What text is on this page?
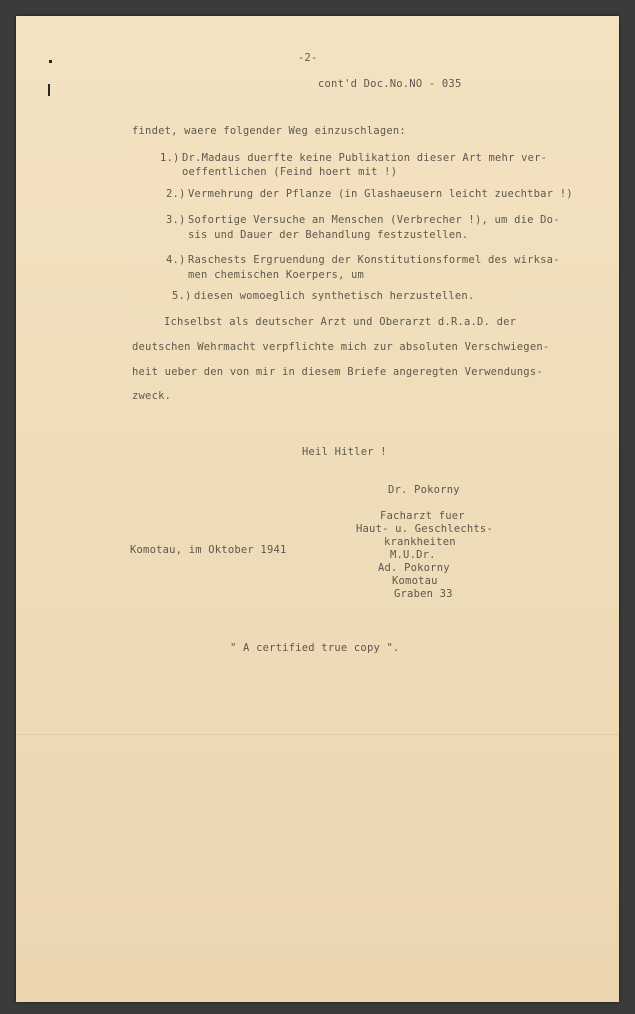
-2-
cont'd Doc.No.NO - 035
findet, waere folgender Weg einzuschlagen:
1.) Dr.Madaus duerfte keine Publikation dieser Art mehr ver-
oeffentlichen (Feind hoert mit !)
2.) Vermehrung der Pflanze (in Glashaeusern leicht zuechtbar !)
3.) Sofortige Versuche an Menschen (Verbrecher !), um die Do-
sis und Dauer der Behandlung festzustellen.
4.) Raschests Ergruendung der Konstitutionsformel des wirksa-
men chemischen Koerpers, um
5.) diesen womoeglich synthetisch herzustellen.
Ichselbst als deutscher Arzt und Oberarzt d.R.a.D. der
deutschen Wehrmacht verpflichte mich zur absoluten Verschwiegen-
heit ueber den von mir in diesem Briefe angeregten Verwendungs-
zweck.
Heil Hitler !
Dr. Pokorny
Komotau, im Oktober 1941
Facharzt fuer
Haut- u. Geschlechts-
krankheiten
M.U.Dr.
Ad. Pokorny
Komotau
Graben 33
" A certified true copy ".
